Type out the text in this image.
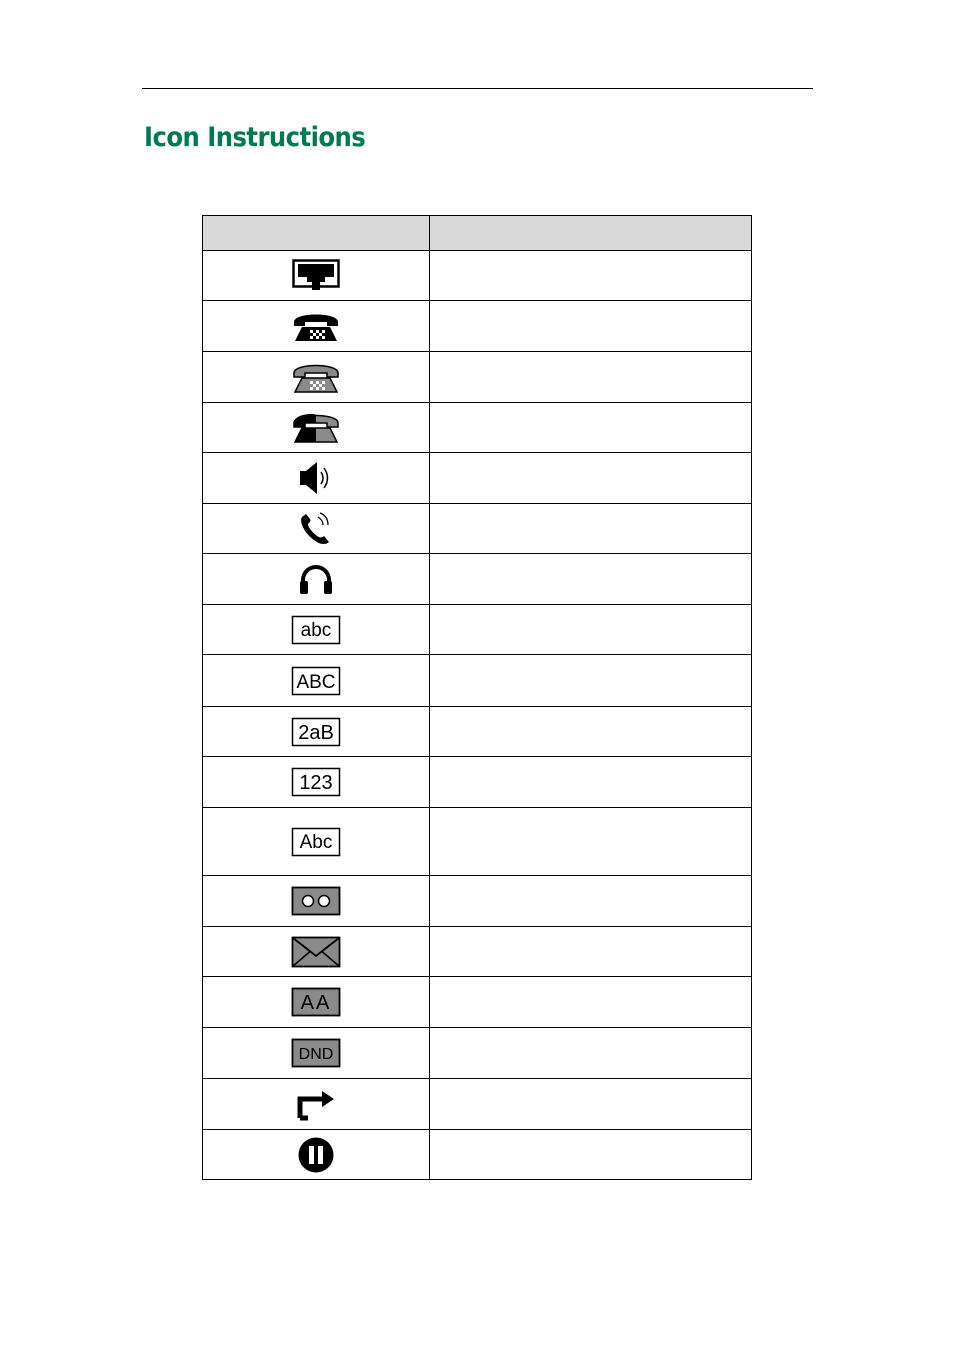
Icon Instructions

abc	

ABC	

2aB	

123	

Abc	

AA	

DND	
